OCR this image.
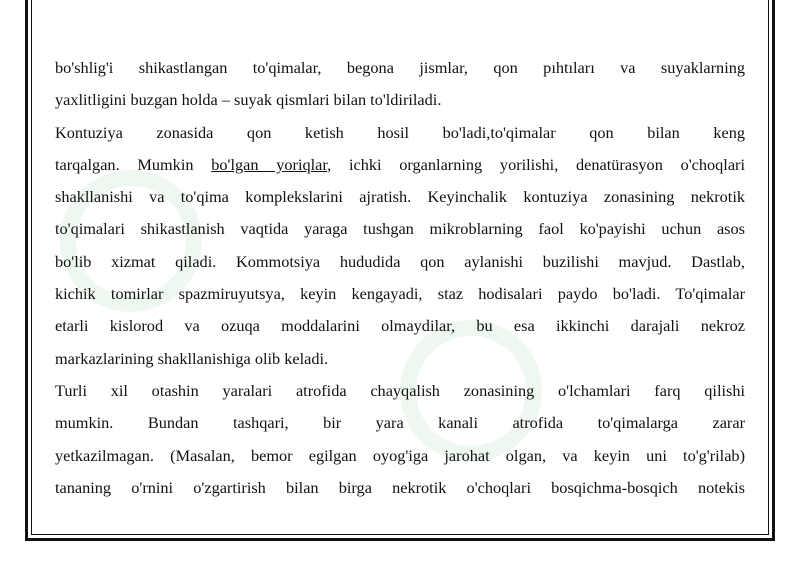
bo'shlig'i shikastlangan to'qimalar, begona jismlar, qon pıhtıları va suyaklarning

yaxlitligini buzgan holda – suyak qismlari bilan to'ldiriladi.

Kontuziya zonasida qon ketish hosil bo'ladi,to'qimalar qon bilan keng

tarqalgan. Mumkin bo'lgan yoriqlar, ichki organlarning yorilishi, denatürasyon o'choqlari

shakllanishi va to'qima komplekslarini ajratish. Keyinchalik kontuziya zonasining nekrotik

to'qimalari shikastlanish vaqtida yaraga tushgan mikroblarning faol ko'payishi uchun asos

bo'lib xizmat qiladi. Kommotsiya hududida qon aylanishi buzilishi mavjud. Dastlab,

kichik tomirlar spazmiruyutsya, keyin kengayadi, staz hodisalari paydo bo'ladi. To'qimalar

etarli kislorod va ozuqa moddalarini olmaydilar, bu esa ikkinchi darajali nekroz

markazlarining shakllanishiga olib keladi.

Turli xil otashin yaralari atrofida chayqalish zonasining o'lchamlari farq qilishi

mumkin. Bundan tashqari, bir yara kanali atrofida to'qimalarga zarar

yetkazilmagan. (Masalan, bemor egilgan oyog'iga jarohat olgan, va keyin uni to'g'rilab)

tananing o'rnini o'zgartirish bilan birga nekrotik o'choqlari bosqichma-bosqich notekis
